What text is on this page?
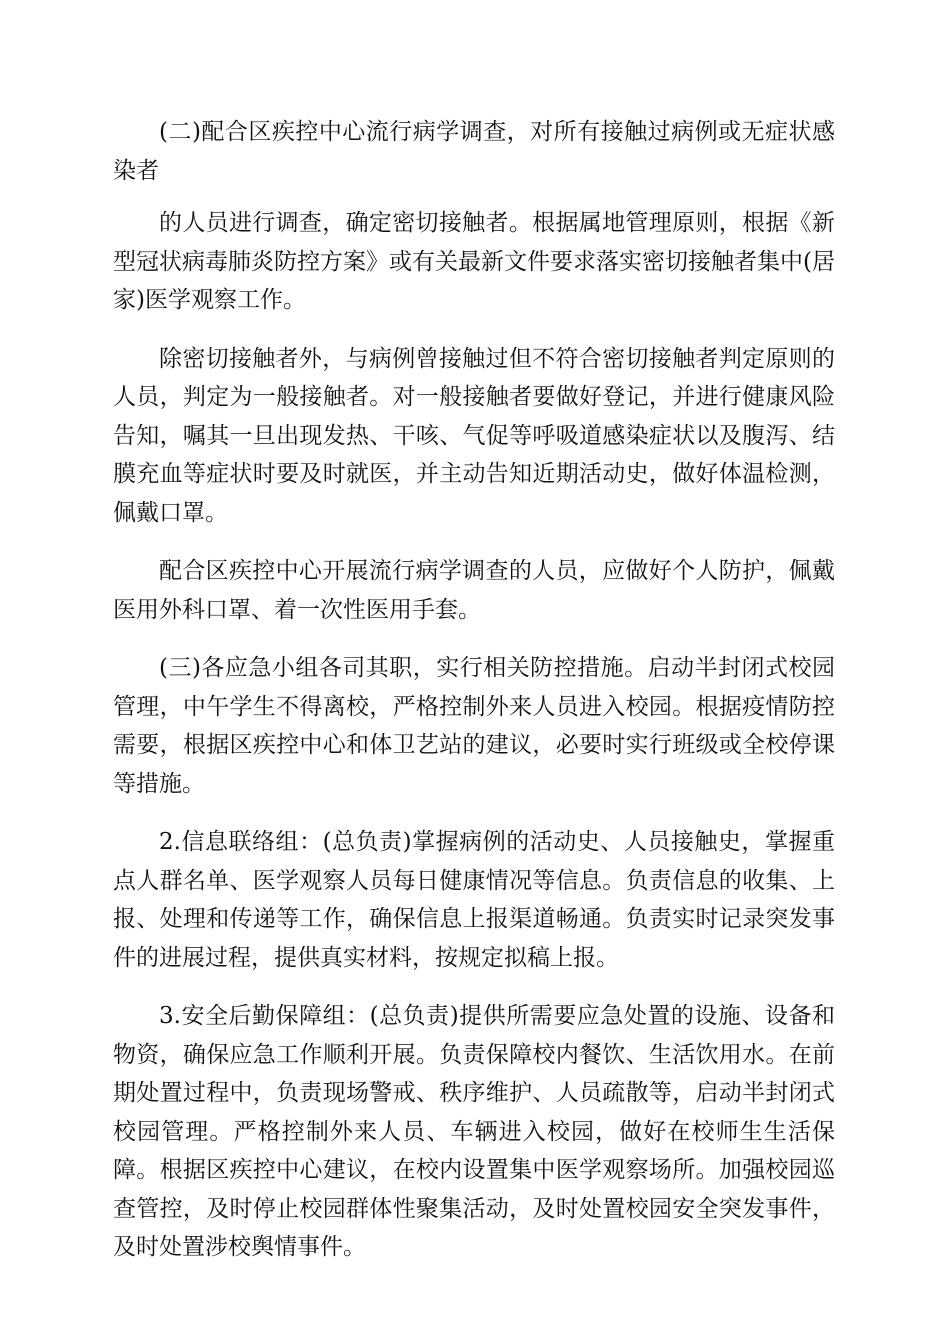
(二)配合区疾控中心流行病学调查，对所有接触过病例或无症状感染者

的人员进行调查，确定密切接触者。根据属地管理原则，根据《新型冠状病毒肺炎防控方案》或有关最新文件要求落实密切接触者集中(居家)医学观察工作。

除密切接触者外，与病例曾接触过但不符合密切接触者判定原则的人员，判定为一般接触者。对一般接触者要做好登记，并进行健康风险告知，嘱其一旦出现发热、干咳、气促等呼吸道感染症状以及腹泻、结膜充血等症状时要及时就医，并主动告知近期活动史，做好体温检测，佩戴口罩。

配合区疾控中心开展流行病学调查的人员，应做好个人防护，佩戴医用外科口罩、着一次性医用手套。

(三)各应急小组各司其职，实行相关防控措施。启动半封闭式校园管理，中午学生不得离校，严格控制外来人员进入校园。根据疫情防控需要，根据区疾控中心和体卫艺站的建议，必要时实行班级或全校停课等措施。

2.信息联络组：(总负责)掌握病例的活动史、人员接触史，掌握重点人群名单、医学观察人员每日健康情况等信息。负责信息的收集、上报、处理和传递等工作，确保信息上报渠道畅通。负责实时记录突发事件的进展过程，提供真实材料，按规定拟稿上报。

3.安全后勤保障组：(总负责)提供所需要应急处置的设施、设备和物资，确保应急工作顺利开展。负责保障校内餐饮、生活饮用水。在前期处置过程中，负责现场警戒、秩序维护、人员疏散等，启动半封闭式校园管理。严格控制外来人员、车辆进入校园，做好在校师生生活保障。根据区疾控中心建议，在校内设置集中医学观察场所。加强校园巡查管控，及时停止校园群体性聚集活动，及时处置校园安全突发事件，及时处置涉校舆情事件。
